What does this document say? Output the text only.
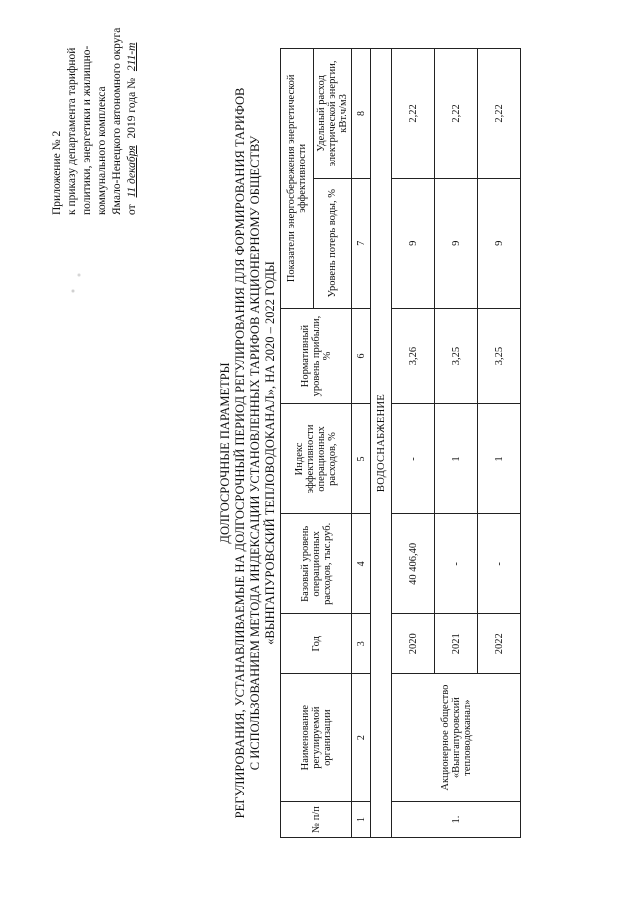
Приложение № 2 к приказу департамента тарифной политики, энергетики и жилищно- коммунального комплекса Ямало-Ненецкого автономного округа от 11 декабря 2019 года № 211-т
ДОЛГОСРОЧНЫЕ ПАРАМЕТРЫ РЕГУЛИРОВАНИЯ, УСТАНАВЛИВАЕМЫЕ НА ДОЛГОСРОЧНЫЙ ПЕРИОД РЕГУЛИРОВАНИЯ ДЛЯ ФОРМИРОВАНИЯ ТАРИФОВ С ИСПОЛЬЗОВАНИЕМ МЕТОДА ИНДЕКСАЦИИ УСТАНОВЛЕННЫХ ТАРИФОВ АКЦИОНЕРНОМУ ОБЩЕСТВУ «ВЫНГАПУРОВСКИЙ ТЕПЛОВОДОКАНАЛ», НА 2020 – 2022 ГОДЫ
№ п/п	Наименование регулируемой организации	Год	Базовый уровень операционных расходов, тыс.руб.	Индекс эффективности операционных расходов, %	Нормативный уровень прибыли, %	Показатели энергосбережения энергетической эффективности	
						Уровень потерь воды, %	Удельный расход электрической энергии, кВт.ч/м3
1	2	3	4	5	6	7	8
ВОДОСНАБЖЕНИЕ							
1.	Акционерное общество «Вынгапуровский тепловодоканал»	2020	40 406,40	-	3,26	9	2,22
		2021	-	1	3,25	9	2,22
		2022	-	1	3,25	9	2,22
